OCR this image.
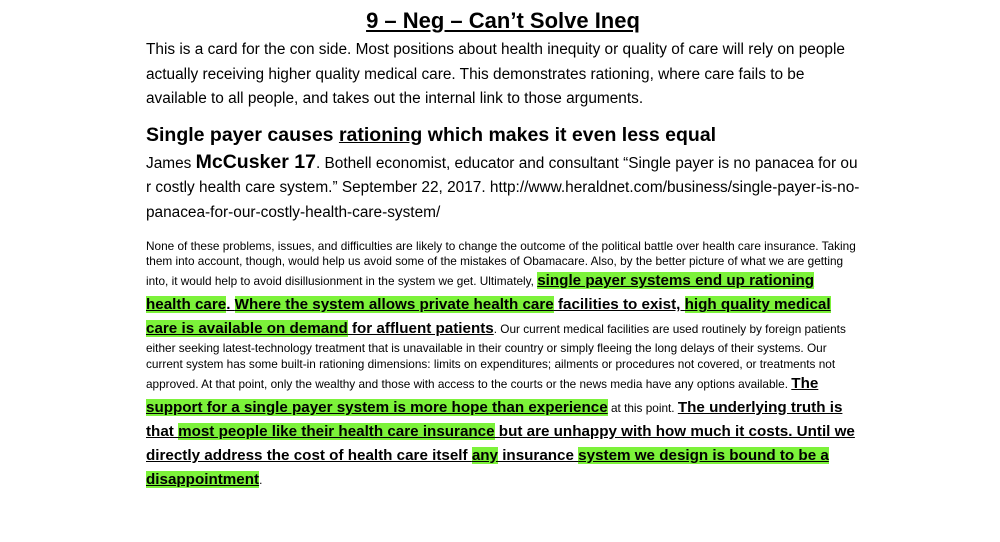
9 – Neg – Can’t Solve Ineq

This is a card for the con side. Most positions about health inequity or quality of care will rely on people actually receiving higher quality medical care. This demonstrates rationing, where care fails to be available to all people, and takes out the internal link to those arguments.

Single payer causes rationing which makes it even less equal

James McCusker 17. Bothell economist, educator and consultant “Single payer is no panacea for our costly health care system.” September 22, 2017. http://www.heraldnet.com/business/single-payer-is-no-panacea-for-our-costly-health-care-system/

None of these problems, issues, and difficulties are likely to change the outcome of the political battle over health care insurance. Taking them into account, though, would help us avoid some of the mistakes of Obamacare. Also, by the better picture of what we are getting into, it would help to avoid disillusionment in the system we get. Ultimately, single payer systems end up rationing health care. Where the system allows private health care facilities to exist, high quality medical care is available on demand for affluent patients. Our current medical facilities are used routinely by foreign patients either seeking latest-technology treatment that is unavailable in their country or simply fleeing the long delays of their systems. Our current system has some built-in rationing dimensions: limits on expenditures; ailments or procedures not covered, or treatments not approved. At that point, only the wealthy and those with access to the courts or the news media have any options available. The support for a single payer system is more hope than experience at this point. The underlying truth is that most people like their health care insurance but are unhappy with how much it costs. Until we directly address the cost of health care itself any insurance system we design is bound to be a disappointment.
